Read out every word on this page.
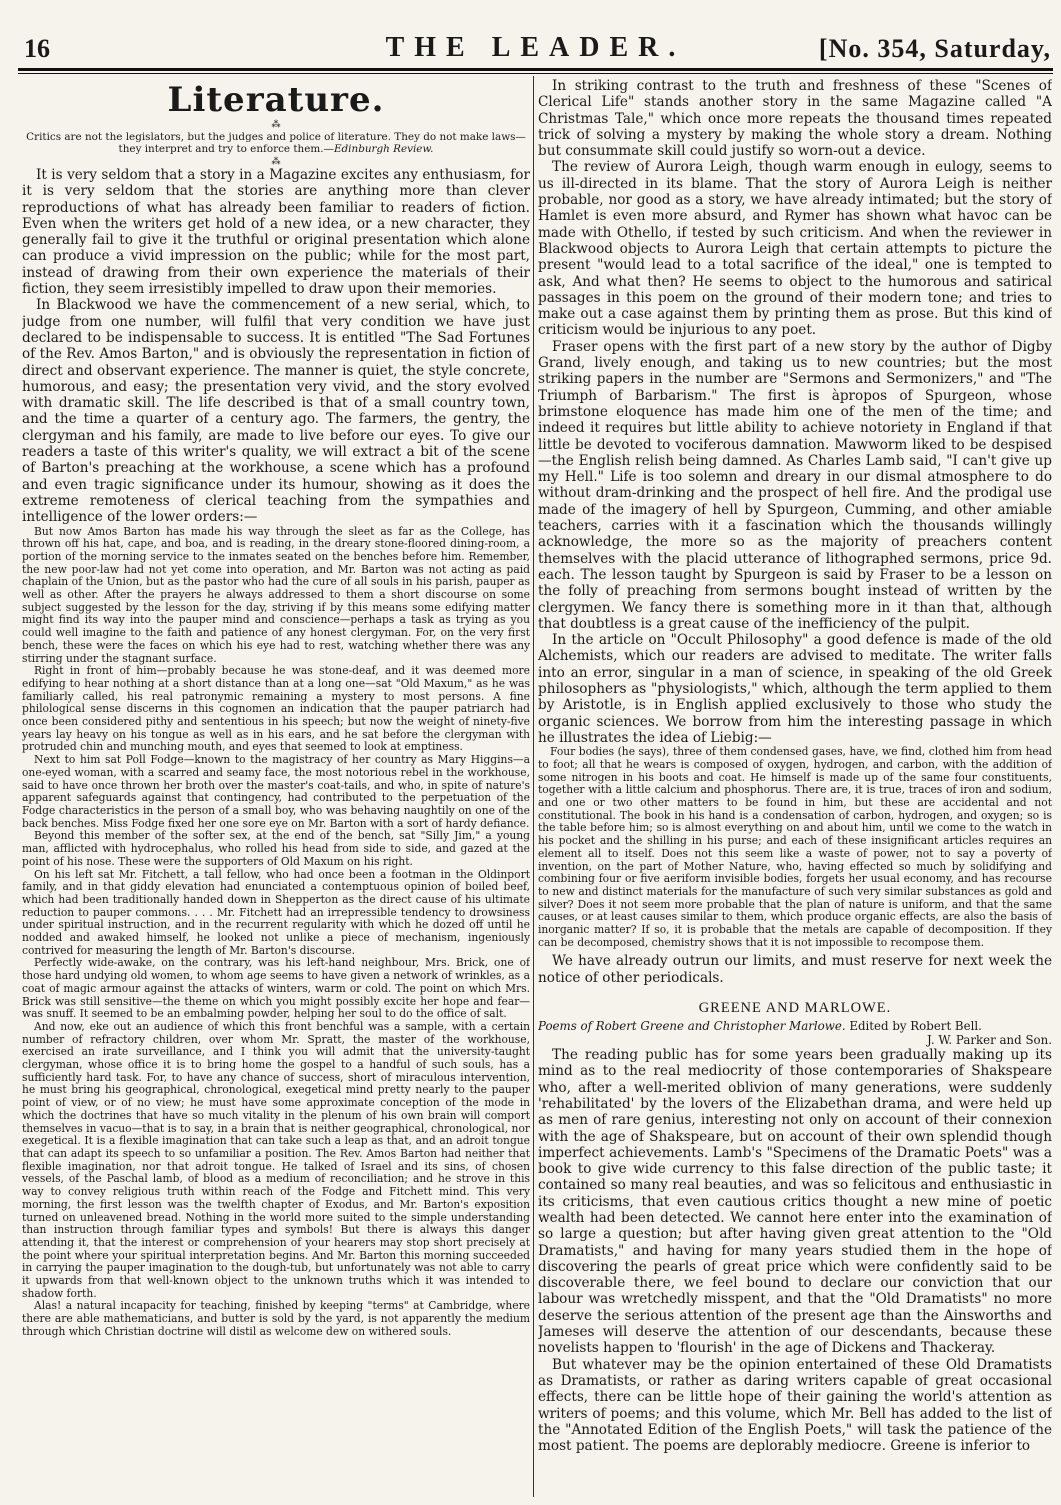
16	THE LEADER.	[No. 354, Saturday,
Literature.
⁂
Critics are not the legislators, but the judges and police of literature. They do not make laws—they interpret and try to enforce them.—Edinburgh Review.
⁂

It is very seldom that a story in a Magazine excites any enthusiasm, for it is very seldom that the stories are anything more than clever reproductions of what has already been familiar to readers of fiction. Even when the writers get hold of a new idea, or a new character, they generally fail to give it the truthful or original presentation which alone can produce a vivid impression on the public; while for the most part, instead of drawing from their own experience the materials of their fiction, they seem irresistibly impelled to draw upon their memories.

In Blackwood we have the commencement of a new serial, which, to judge from one number, will fulfil that very condition we have just declared to be indispensable to success. It is entitled "The Sad Fortunes of the Rev. Amos Barton," and is obviously the representation in fiction of direct and observant experience. The manner is quiet, the style concrete, humorous, and easy; the presentation very vivid, and the story evolved with dramatic skill. The life described is that of a small country town, and the time a quarter of a century ago. The farmers, the gentry, the clergyman and his family, are made to live before our eyes. To give our readers a taste of this writer's quality, we will extract a bit of the scene of Barton's preaching at the workhouse, a scene which has a profound and even tragic significance under its humour, showing as it does the extreme remoteness of clerical teaching from the sympathies and intelligence of the lower orders:—

But now Amos Barton has made his way through the sleet as far as the College, has thrown off his hat, cape, and boa, and is reading, in the dreary stone-floored dining-room, a portion of the morning service to the inmates seated on the benches before him. Remember, the new poor-law had not yet come into operation, and Mr. Barton was not acting as paid chaplain of the Union, but as the pastor who had the cure of all souls in his parish, pauper as well as other. After the prayers he always addressed to them a short discourse on some subject suggested by the lesson for the day, striving if by this means some edifying matter might find its way into the pauper mind and conscience—perhaps a task as trying as you could well imagine to the faith and patience of any honest clergyman. For, on the very first bench, these were the faces on which his eye had to rest, watching whether there was any stirring under the stagnant surface.

Right in front of him—probably because he was stone-deaf, and it was deemed more edifying to hear nothing at a short distance than at a long one—sat "Old Maxum," as he was familiarly called, his real patronymic remaining a mystery to most persons. A fine philological sense discerns in this cognomen an indication that the pauper patriarch had once been considered pithy and sententious in his speech; but now the weight of ninety-five years lay heavy on his tongue as well as in his ears, and he sat before the clergyman with protruded chin and munching mouth, and eyes that seemed to look at emptiness.

Next to him sat Poll Fodge—known to the magistracy of her country as Mary Higgins—a one-eyed woman, with a scarred and seamy face, the most notorious rebel in the workhouse, said to have once thrown her broth over the master's coat-tails, and who, in spite of nature's apparent safeguards against that contingency, had contributed to the perpetuation of the Fodge characteristics in the person of a small boy, who was behaving naughtily on one of the back benches. Miss Fodge fixed her one sore eye on Mr. Barton with a sort of hardy defiance.

Beyond this member of the softer sex, at the end of the bench, sat "Silly Jim," a young man, afflicted with hydrocephalus, who rolled his head from side to side, and gazed at the point of his nose. These were the supporters of Old Maxum on his right.

On his left sat Mr. Fitchett, a tall fellow, who had once been a footman in the Oldinport family, and in that giddy elevation had enunciated a contemptuous opinion of boiled beef, which had been traditionally handed down in Shepperton as the direct cause of his ultimate reduction to pauper commons. . . . Mr. Fitchett had an irrepressible tendency to drowsiness under spiritual instruction, and in the recurrent regularity with which he dozed off until he nodded and awaked himself, he looked not unlike a piece of mechanism, ingeniously contrived for measuring the length of Mr. Barton's discourse.

Perfectly wide-awake, on the contrary, was his left-hand neighbour, Mrs. Brick, one of those hard undying old women, to whom age seems to have given a network of wrinkles, as a coat of magic armour against the attacks of winters, warm or cold. The point on which Mrs. Brick was still sensitive—the theme on which you might possibly excite her hope and fear—was snuff. It seemed to be an embalming powder, helping her soul to do the office of salt.

And now, eke out an audience of which this front benchful was a sample, with a certain number of refractory children, over whom Mr. Spratt, the master of the workhouse, exercised an irate surveillance, and I think you will admit that the university-taught clergyman, whose office it is to bring home the gospel to a handful of such souls, has a sufficiently hard task. For, to have any chance of success, short of miraculous intervention, he must bring his geographical, chronological, exegetical mind pretty nearly to the pauper point of view, or of no view; he must have some approximate conception of the mode in which the doctrines that have so much vitality in the plenum of his own brain will comport themselves in vacuo—that is to say, in a brain that is neither geographical, chronological, nor exegetical. It is a flexible imagination that can take such a leap as that, and an adroit tongue that can adapt its speech to so unfamiliar a position. The Rev. Amos Barton had neither that flexible imagination, nor that adroit tongue. He talked of Israel and its sins, of chosen vessels, of the Paschal lamb, of blood as a medium of reconciliation; and he strove in this way to convey religious truth within reach of the Fodge and Fitchett mind. This very morning, the first lesson was the twelfth chapter of Exodus, and Mr. Barton's exposition turned on unleavened bread. Nothing in the world more suited to the simple understanding than instruction through familiar types and symbols! But there is always this danger attending it, that the interest or comprehension of your hearers may stop short precisely at the point where your spiritual interpretation begins. And Mr. Barton this morning succeeded in carrying the pauper imagination to the dough-tub, but unfortunately was not able to carry it upwards from that well-known object to the unknown truths which it was intended to shadow forth.

Alas! a natural incapacity for teaching, finished by keeping "terms" at Cambridge, where there are able mathematicians, and butter is sold by the yard, is not apparently the medium through which Christian doctrine will distil as welcome dew on withered souls.

In striking contrast to the truth and freshness of these "Scenes of Clerical Life" stands another story in the same Magazine called "A Christmas Tale," which once more repeats the thousand times repeated trick of solving a mystery by making the whole story a dream. Nothing but consummate skill could justify so worn-out a device.

The review of Aurora Leigh, though warm enough in eulogy, seems to us ill-directed in its blame. That the story of Aurora Leigh is neither probable, nor good as a story, we have already intimated; but the story of Hamlet is even more absurd, and Rymer has shown what havoc can be made with Othello, if tested by such criticism. And when the reviewer in Blackwood objects to Aurora Leigh that certain attempts to picture the present "would lead to a total sacrifice of the ideal," one is tempted to ask, And what then? He seems to object to the humorous and satirical passages in this poem on the ground of their modern tone; and tries to make out a case against them by printing them as prose. But this kind of criticism would be injurious to any poet.

Fraser opens with the first part of a new story by the author of Digby Grand, lively enough, and taking us to new countries; but the most striking papers in the number are "Sermons and Sermonizers," and "The Triumph of Barbarism." The first is àpropos of Spurgeon, whose brimstone eloquence has made him one of the men of the time; and indeed it requires but little ability to achieve notoriety in England if that little be devoted to vociferous damnation. Mawworm liked to be despised—the English relish being damned. As Charles Lamb said, "I can't give up my Hell." Life is too solemn and dreary in our dismal atmosphere to do without dram-drinking and the prospect of hell fire. And the prodigal use made of the imagery of hell by Spurgeon, Cumming, and other amiable teachers, carries with it a fascination which the thousands willingly acknowledge, the more so as the majority of preachers content themselves with the placid utterance of lithographed sermons, price 9d. each. The lesson taught by Spurgeon is said by Fraser to be a lesson on the folly of preaching from sermons bought instead of written by the clergymen. We fancy there is something more in it than that, although that doubtless is a great cause of the inefficiency of the pulpit.

In the article on "Occult Philosophy" a good defence is made of the old Alchemists, which our readers are advised to meditate. The writer falls into an error, singular in a man of science, in speaking of the old Greek philosophers as "physiologists," which, although the term applied to them by Aristotle, is in English applied exclusively to those who study the organic sciences. We borrow from him the interesting passage in which he illustrates the idea of Liebig:—

Four bodies (he says), three of them condensed gases, have, we find, clothed him from head to foot; all that he wears is composed of oxygen, hydrogen, and carbon, with the addition of some nitrogen in his boots and coat. He himself is made up of the same four constituents, together with a little calcium and phosphorus. There are, it is true, traces of iron and sodium, and one or two other matters to be found in him, but these are accidental and not constitutional. The book in his hand is a condensation of carbon, hydrogen, and oxygen; so is the table before him; so is almost everything on and about him, until we come to the watch in his pocket and the shilling in his purse; and each of these insignificant articles requires an element all to itself. Does not this seem like a waste of power, not to say a poverty of invention, on the part of Mother Nature, who, having effected so much by solidifying and combining four or five aeriform invisible bodies, forgets her usual economy, and has recourse to new and distinct materials for the manufacture of such very similar substances as gold and silver? Does it not seem more probable that the plan of nature is uniform, and that the same causes, or at least causes similar to them, which produce organic effects, are also the basis of inorganic matter? If so, it is probable that the metals are capable of decomposition. If they can be decomposed, chemistry shows that it is not impossible to recompose them.

We have already outrun our limits, and must reserve for next week the notice of other periodicals.

GREENE AND MARLOWE.

Poems of Robert Greene and Christopher Marlowe. Edited by Robert Bell.

J. W. Parker and Son.

The reading public has for some years been gradually making up its mind as to the real mediocrity of those contemporaries of Shakspeare who, after a well-merited oblivion of many generations, were suddenly 'rehabilitated' by the lovers of the Elizabethan drama, and were held up as men of rare genius, interesting not only on account of their connexion with the age of Shakspeare, but on account of their own splendid though imperfect achievements. Lamb's "Specimens of the Dramatic Poets" was a book to give wide currency to this false direction of the public taste; it contained so many real beauties, and was so felicitous and enthusiastic in its criticisms, that even cautious critics thought a new mine of poetic wealth had been detected. We cannot here enter into the examination of so large a question; but after having given great attention to the "Old Dramatists," and having for many years studied them in the hope of discovering the pearls of great price which were confidently said to be discoverable there, we feel bound to declare our conviction that our labour was wretchedly misspent, and that the "Old Dramatists" no more deserve the serious attention of the present age than the Ainsworths and Jameses will deserve the attention of our descendants, because these novelists happen to 'flourish' in the age of Dickens and Thackeray.

But whatever may be the opinion entertained of these Old Dramatists as Dramatists, or rather as daring writers capable of great occasional effects, there can be little hope of their gaining the world's attention as writers of poems; and this volume, which Mr. Bell has added to the list of the "Annotated Edition of the English Poets," will task the patience of the most patient. The poems are deplorably mediocre. Greene is inferior to
